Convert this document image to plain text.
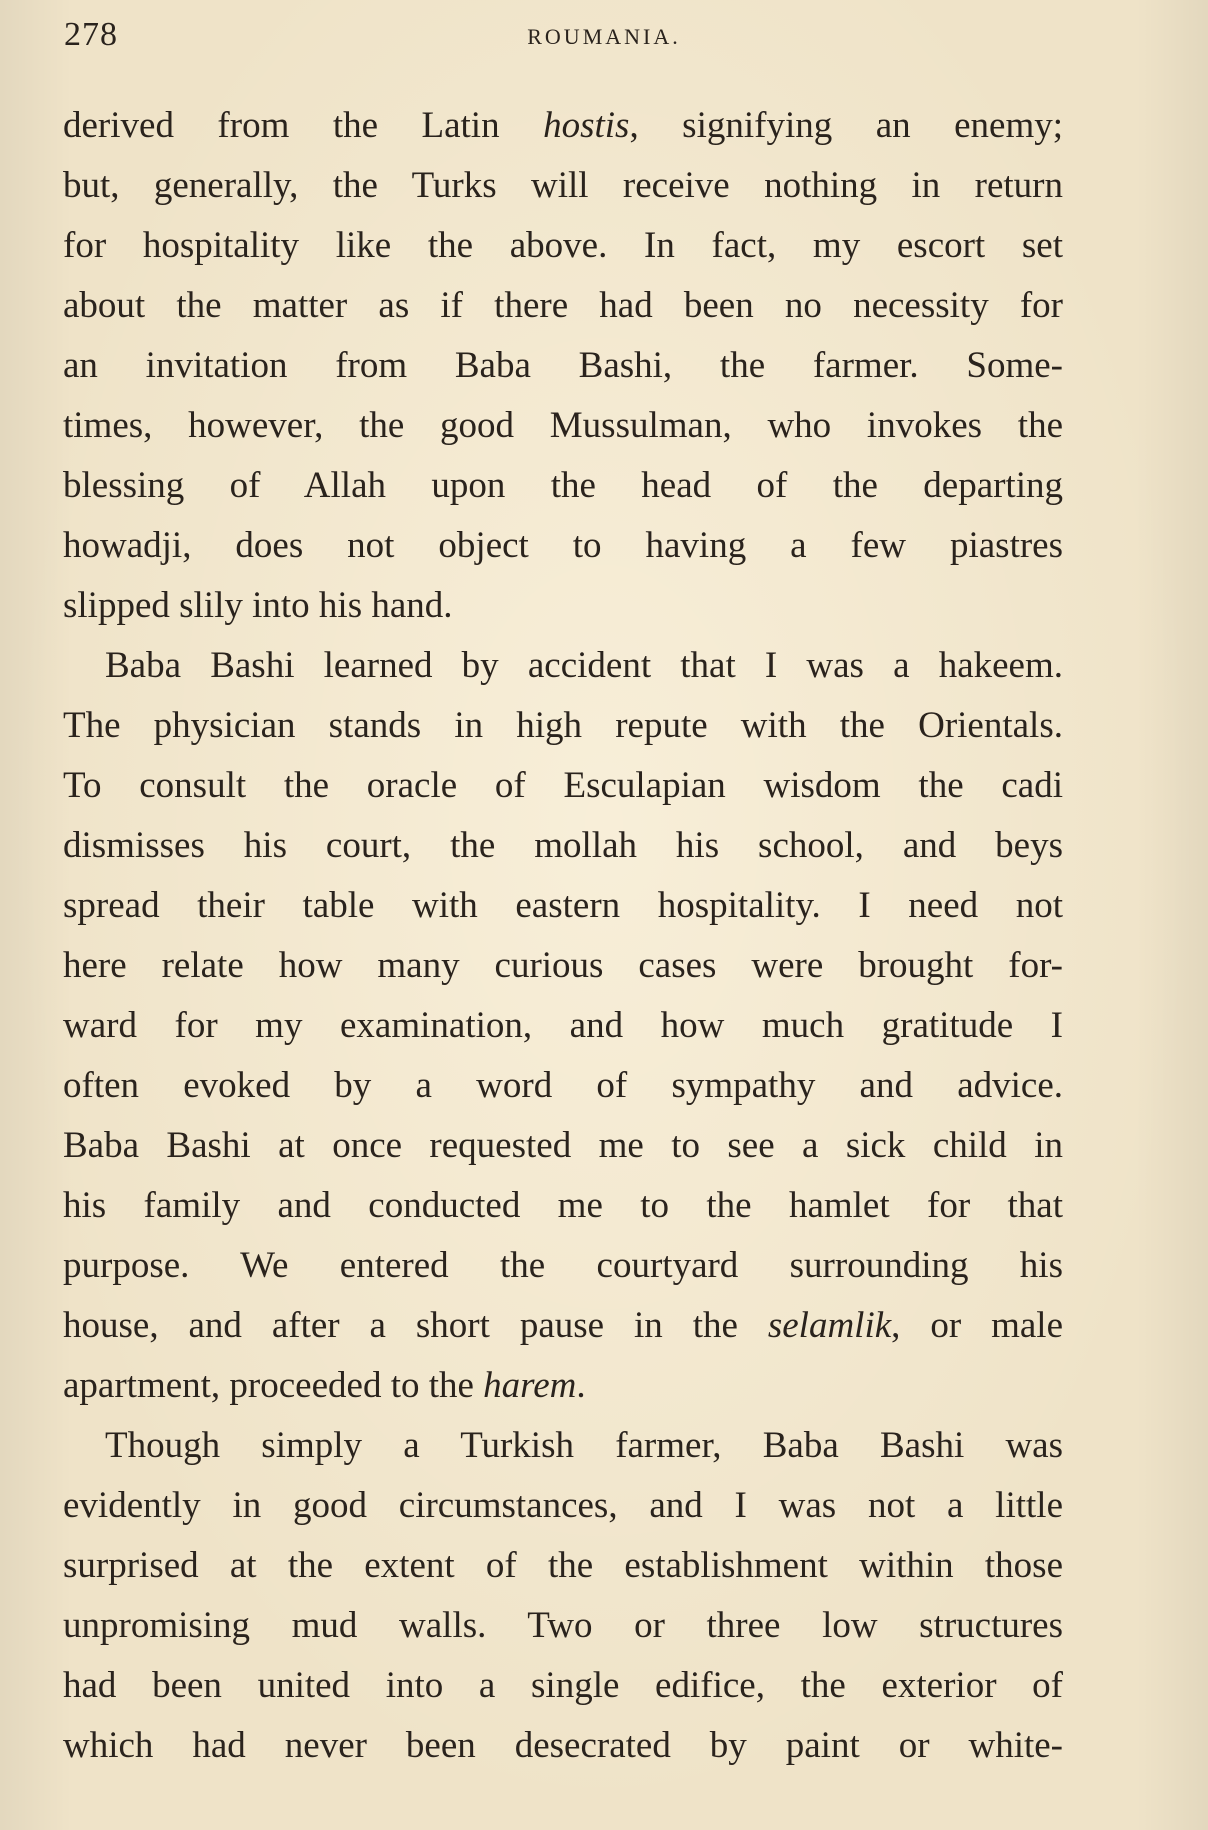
278	ROUMANIA.
derived from the Latin hostis, signifying an enemy;
but, generally, the Turks will receive nothing in return
for hospitality like the above. In fact, my escort set
about the matter as if there had been no necessity for
an invitation from Baba Bashi, the farmer. Some-
times, however, the good Mussulman, who invokes the
blessing of Allah upon the head of the departing
howadji, does not object to having a few piastres
slipped slily into his hand.
Baba Bashi learned by accident that I was a hakeem.
The physician stands in high repute with the Orientals.
To consult the oracle of Esculapian wisdom the cadi
dismisses his court, the mollah his school, and beys
spread their table with eastern hospitality. I need not
here relate how many curious cases were brought for-
ward for my examination, and how much gratitude I
often evoked by a word of sympathy and advice.
Baba Bashi at once requested me to see a sick child in
his family and conducted me to the hamlet for that
purpose. We entered the courtyard surrounding his
house, and after a short pause in the selamlik, or male
apartment, proceeded to the harem.
Though simply a Turkish farmer, Baba Bashi was
evidently in good circumstances, and I was not a little
surprised at the extent of the establishment within those
unpromising mud walls. Two or three low structures
had been united into a single edifice, the exterior of
which had never been desecrated by paint or white-
